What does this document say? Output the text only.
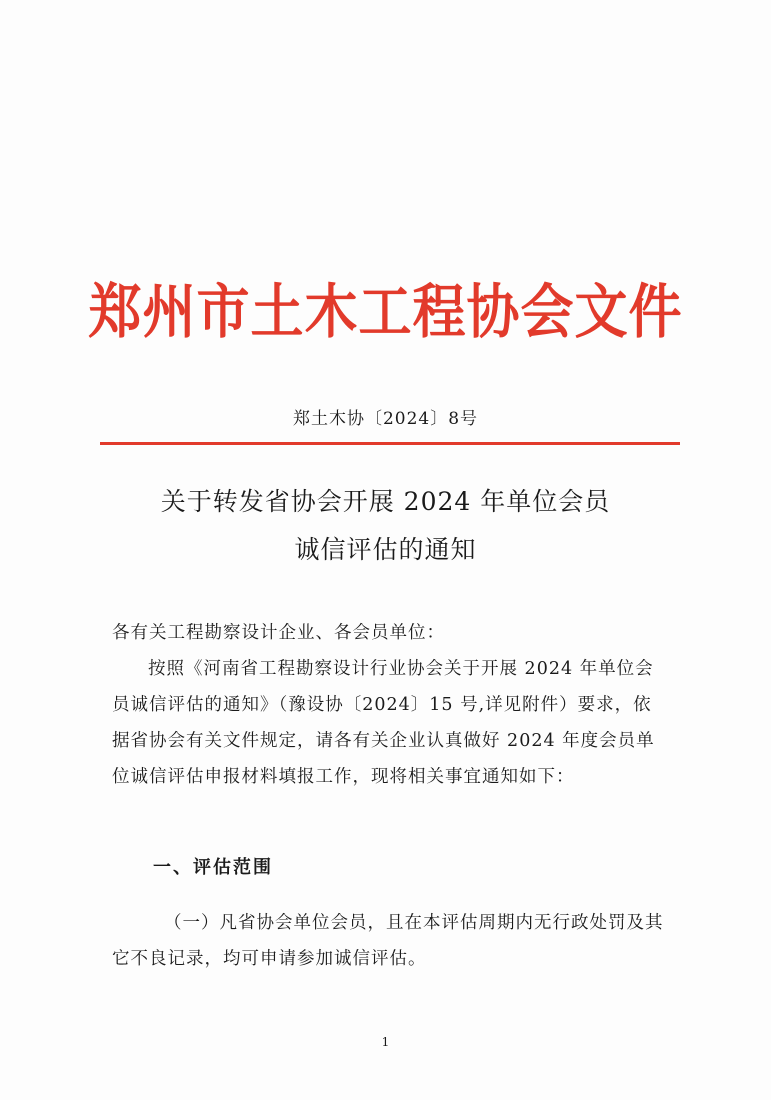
郑州市土木工程协会文件
郑土木协〔2024〕8号
关于转发省协会开展 2024 年单位会员
诚信评估的通知
各有关工程勘察设计企业、各会员单位：
按照《河南省工程勘察设计行业协会关于开展 2024 年单位会员诚信评估的通知》（豫设协〔2024〕15 号,详见附件）要求，依据省协会有关文件规定，请各有关企业认真做好 2024 年度会员单位诚信评估申报材料填报工作，现将相关事宜通知如下：
一、评估范围
（一）凡省协会单位会员，且在本评估周期内无行政处罚及其它不良记录，均可申请参加诚信评估。
1
